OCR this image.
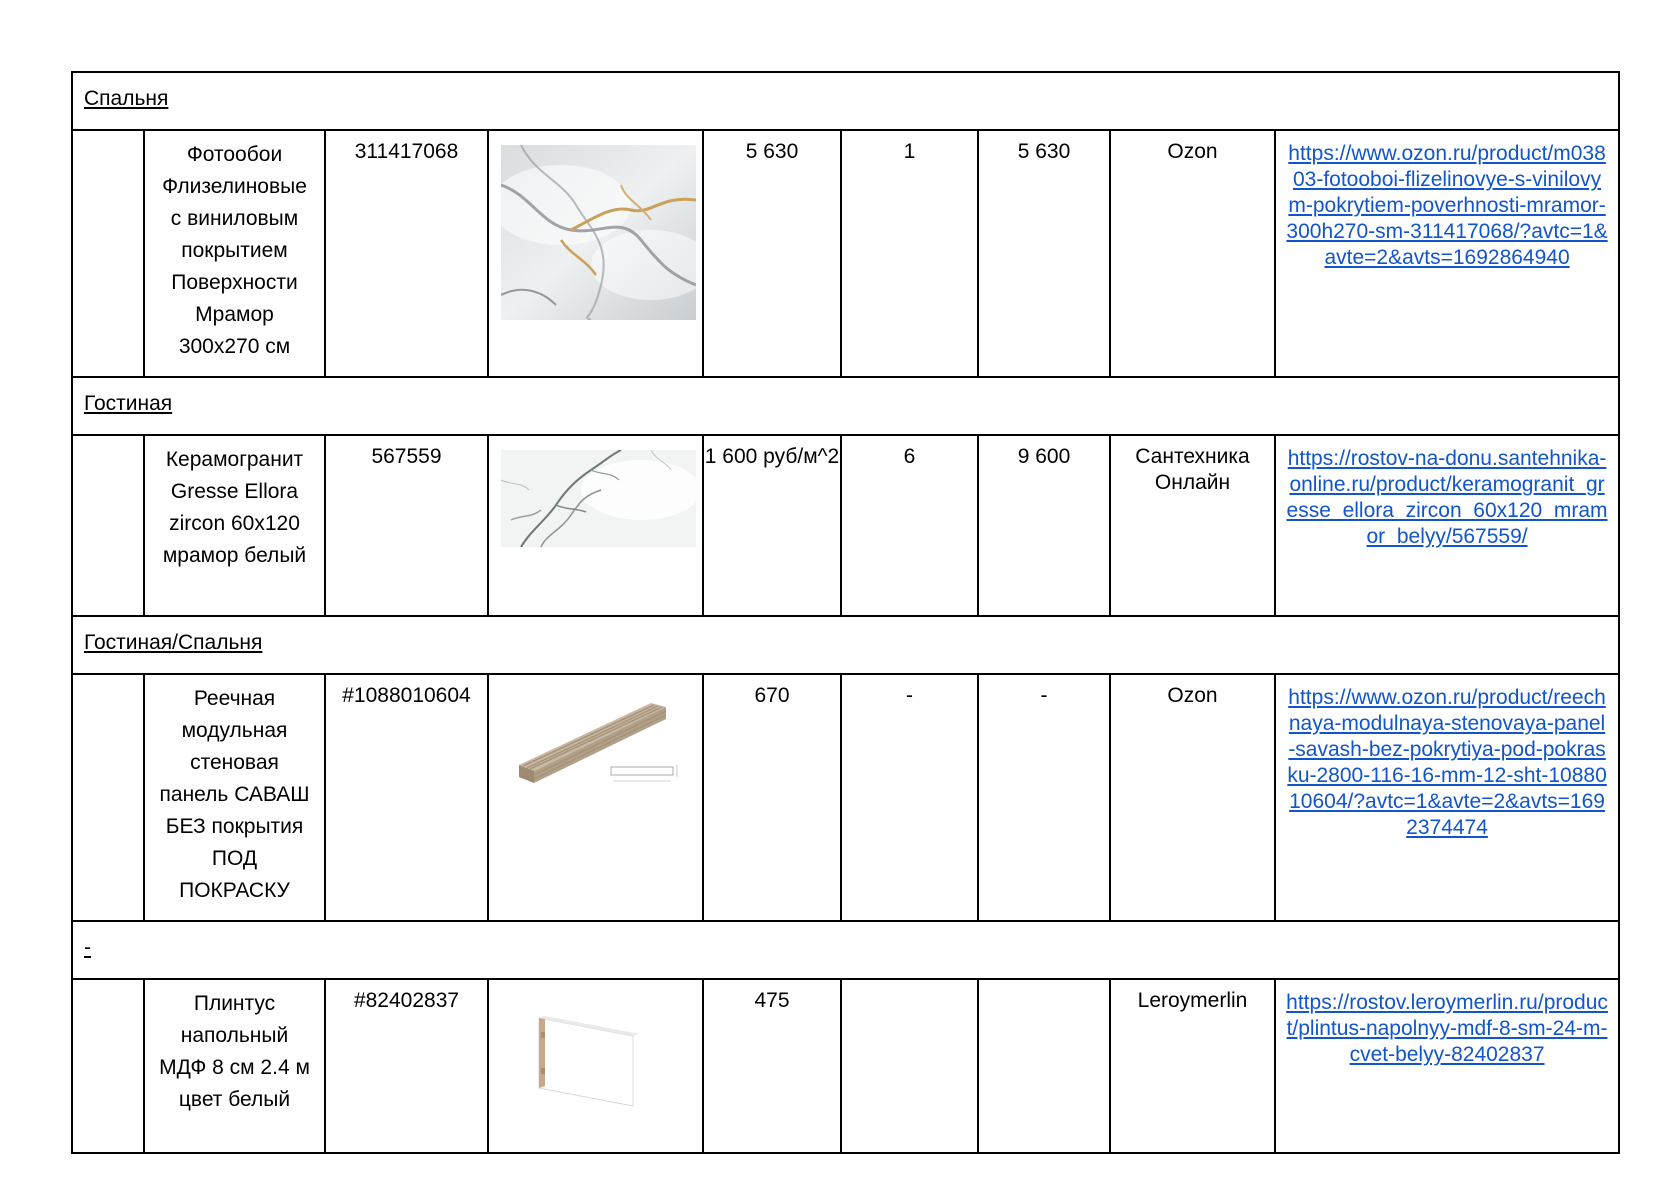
Спальня								
	Фотообои Флизелиновые с виниловым покрытием Поверхности Мрамор 300x270 см	311417068		5 630	1	5 630	Ozon	https://www.ozon.ru/product/m03803-fotooboi-flizelinovye-s-vinilovym-pokrytiem-poverhnosti-mramor-300h270-sm-311417068/?avtc=1&avte=2&avts=1692864940
Гостиная								
	Керамогранит Gresse Ellora zircon 60x120 мрамор белый	567559		1 600 руб/м^2	6	9 600	Сантехника Онлайн	https://rostov-na-donu.santehnika-online.ru/product/keramogranit_gresse_ellora_zircon_60x120_mramor_belyy/567559/
Гостиная/Спальня								
	Реечная модульная стеновая панель САВАШ БЕЗ покрытия ПОД ПОКРАСКУ	#1088010604		670	-	-	Ozon	https://www.ozon.ru/product/reechnaya-modulnaya-stenovaya-panel-savash-bez-pokrytiya-pod-pokrasku-2800-116-16-mm-12-sht-1088010604/?avtc=1&avte=2&avts=1692374474
-								
	Плинтус напольный МДФ 8 см 2.4 м цвет белый	#82402837		475			Leroymerlin	https://rostov.leroymerlin.ru/product/plintus-napolnyy-mdf-8-sm-24-m-cvet-belyy-82402837
